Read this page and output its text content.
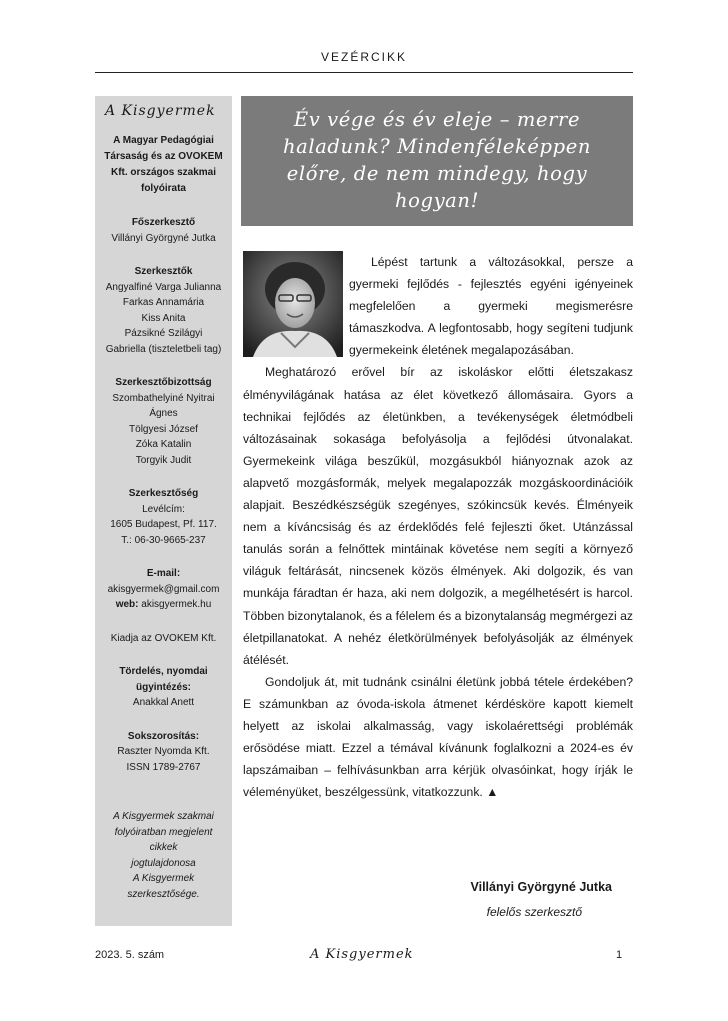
VEZÉRCIKK
A Kisgyermek
A Magyar Pedagógiai Társaság és az OVOKEM Kft. országos szakmai folyóirata
Főszerkesztő
Villányi Györgyné Jutka
Szerkesztők
Angyalfiné Varga Julianna
Farkas Annamária
Kiss Anita
Pázsikné Szilágyi
Gabriella (tiszteletbeli tag)
Szerkesztőbizottság
Szombathelyiné Nyitrai
Ágnes
Tölgyesi József
Zóka Katalin
Torgyik Judit
Szerkesztőség
Levélcím:
1605 Budapest, Pf. 117.
T.: 06-30-9665-237
E-mail:
akisgyermek@gmail.com
web: akisgyermek.hu
Kiadja az OVOKEM Kft.
Tördelés, nyomdai ügyintézés:
Anakkal Anett
Sokszorosítás:
Raszter Nyomda Kft.
ISSN 1789-2767
A Kisgyermek szakmai
folyóiratban megjelent
cikkek
jogtulajdonosa
A Kisgyermek
szerkesztősége.
Év vége és év eleje – merre haladunk? Mindenféleképpen előre, de nem mindegy, hogy hogyan!

Lépést tartunk a változásokkal, persze a gyermeki fejlődés - fejlesztés egyéni igényeinek megfelelően a gyermeki megismerésre támaszkodva. A legfontosabb, hogy segíteni tudjunk gyermekeink életének megalapozásában.

Meghatározó erővel bír az iskoláskor előtti életszakasz élményvilágának hatása az élet következő állomásaira. Gyors a technikai fejlődés az életünkben, a tevékenységek életmódbeli változásainak sokasága befolyásolja a fejlődési útvonalakat. Gyermekeink világa beszűkül, mozgásukból hiányoznak azok az alapvető mozgásformák, melyek megalapozzák mozgáskoordinációik alapjait. Beszédkészségük szegényes, szókincsük kevés. Élményeik nem a kíváncsiság és az érdeklődés felé fejleszti őket. Utánzással tanulás során a felnőttek mintáinak követése nem segíti a környező világuk feltárását, nincsenek közös élmények. Aki dolgozik, és van munkája fáradtan ér haza, aki nem dolgozik, a megélhetésért is harcol. Többen bizonytalanok, és a félelem és a bizonytalanság megmérgezi az életpillanatokat. A nehéz életkörülmények befolyásolják az élmények átélését.

Gondoljuk át, mit tudnánk csinálni életünk jobbá tétele érdekében? E számunkban az óvoda-iskola átmenet kérdésköre kapott kiemelt helyett az iskolai alkalmasság, vagy iskolaérettségi problémák erősödése miatt. Ezzel a témával kívánunk foglalkozni a 2024-es év lapszámaiban – felhívásunkban arra kérjük olvasóinkat, hogy írják le véleményüket, beszélgessünk, vitatkozzunk. ▲

Villányi Györgyné Jutka
felelős szerkesztő
2023. 5. szám	A Kisgyermek	1
